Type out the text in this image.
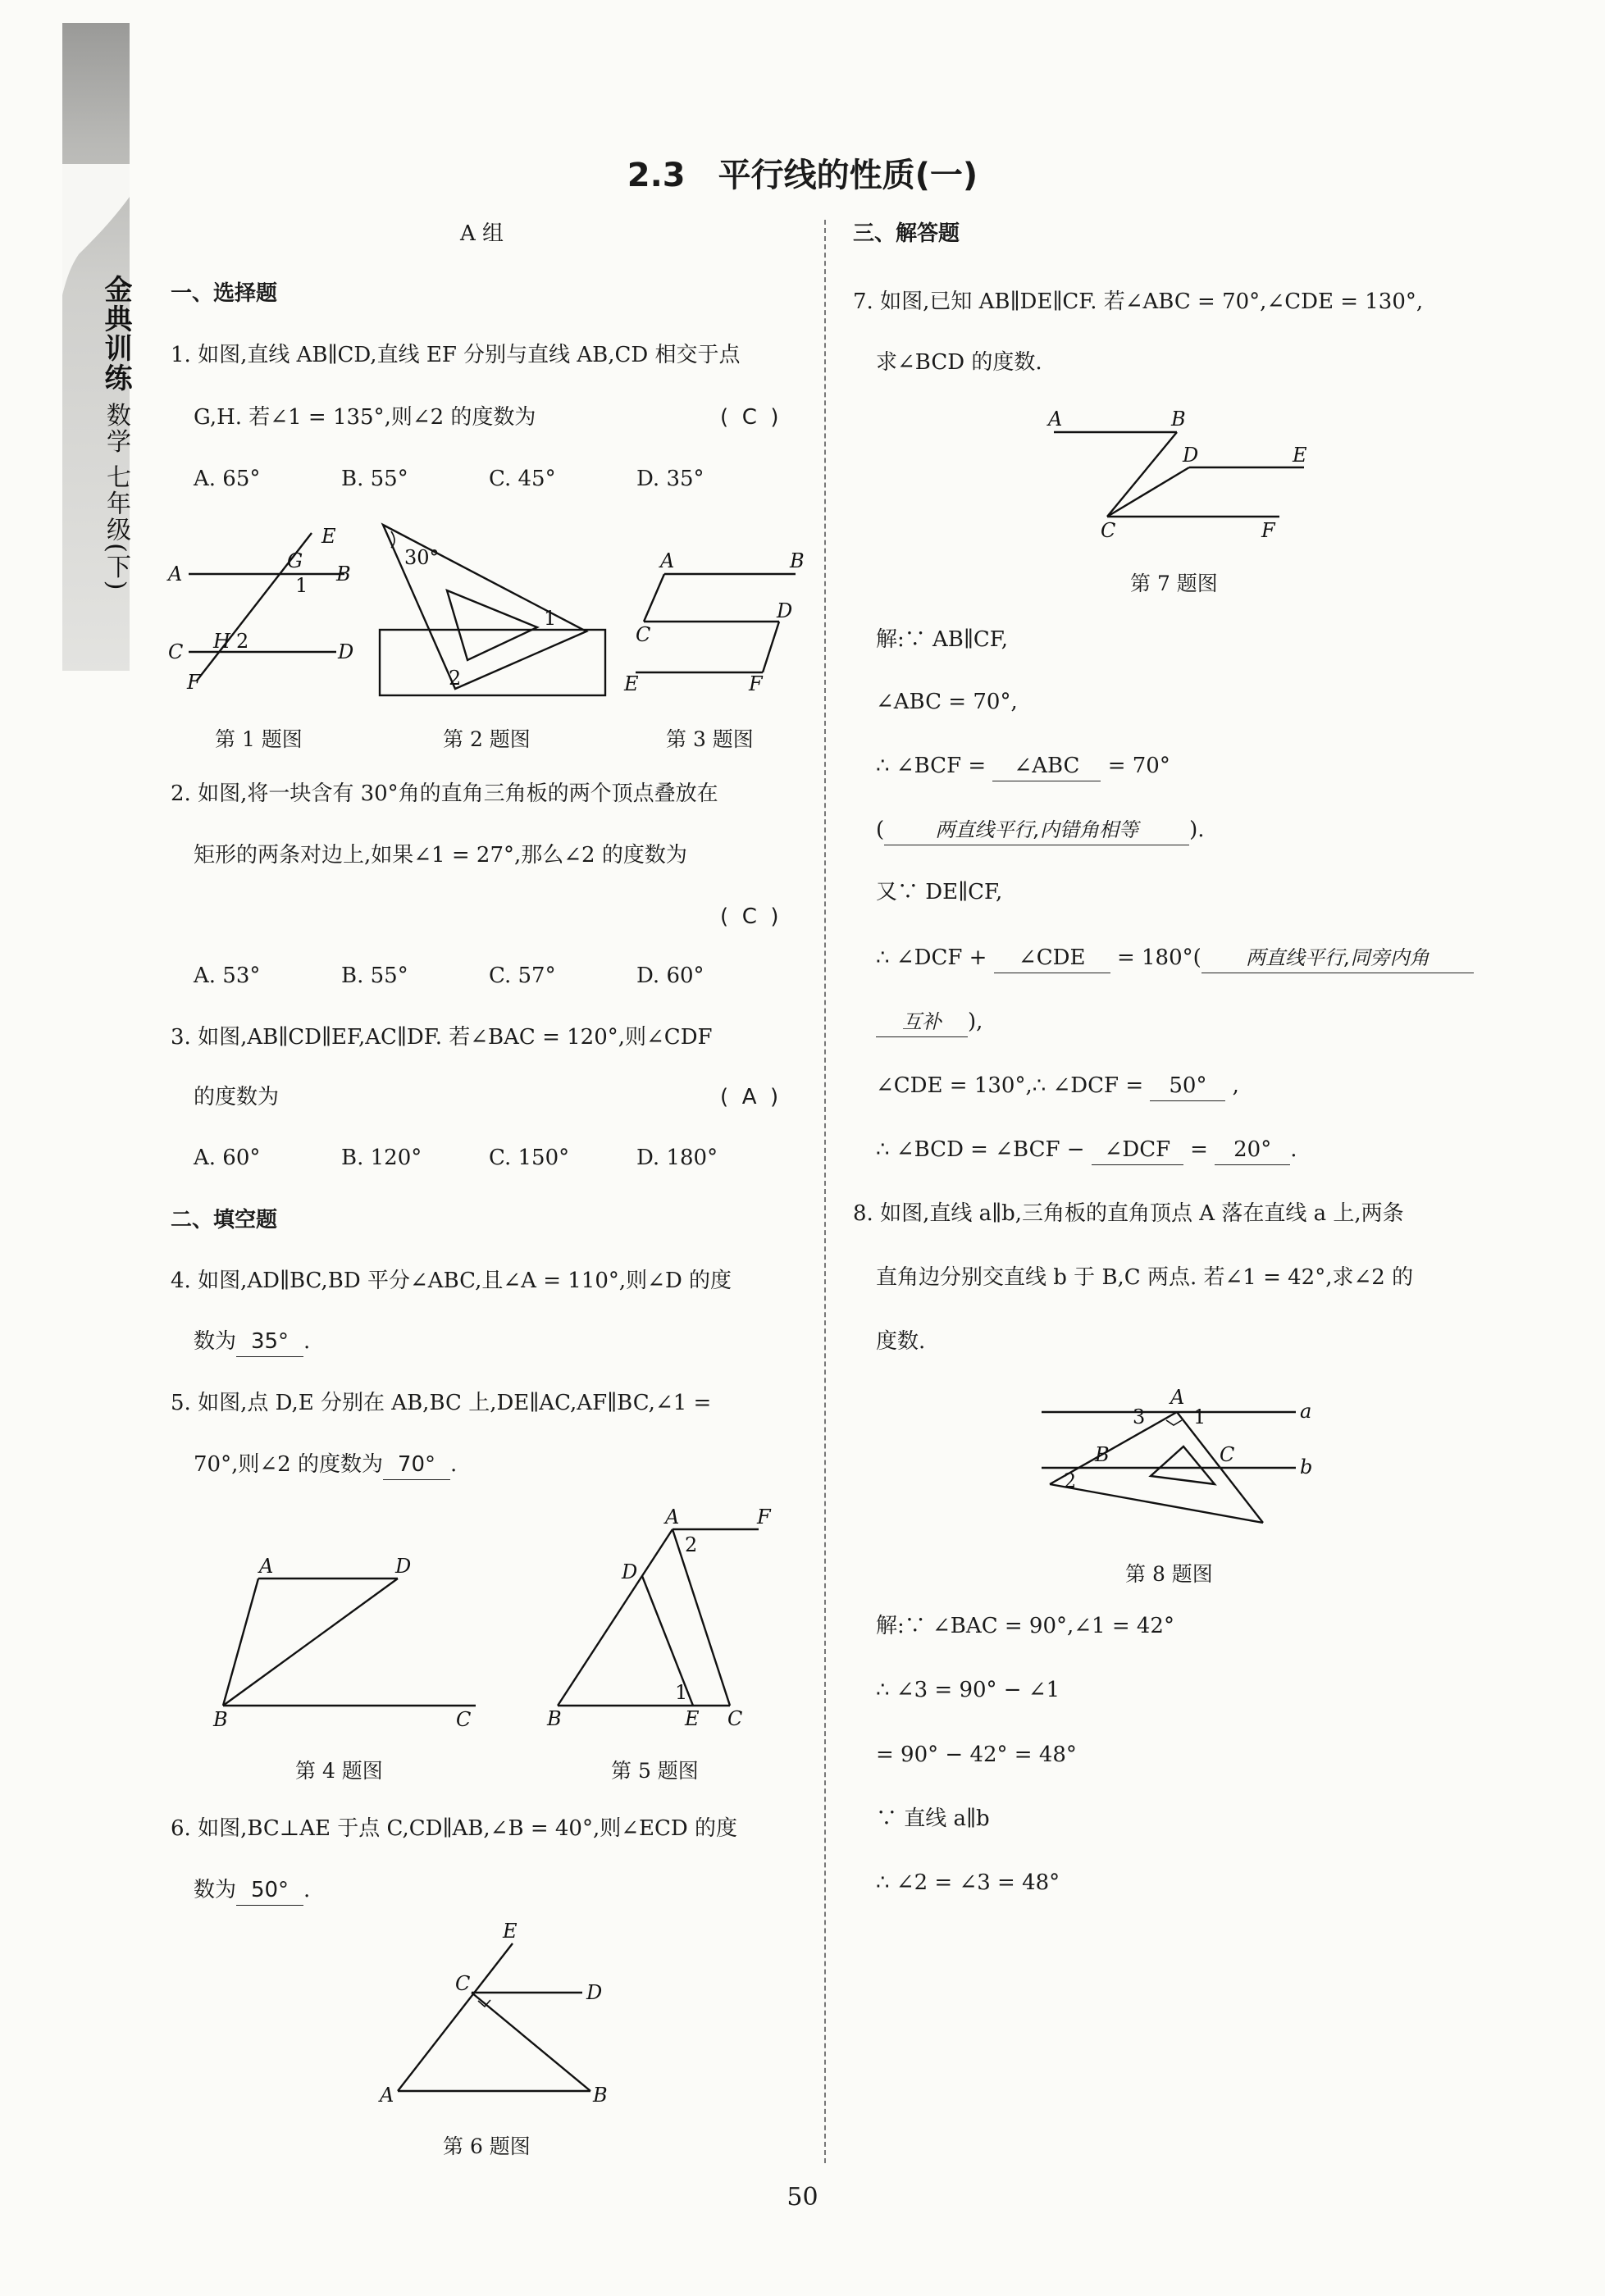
金典训练 数学 七年级(下)
2.3　平行线的性质(一)
A 组
一、选择题
1. 如图,直线 AB∥CD,直线 EF 分别与直线 AB,CD 相交于点
G,H. 若∠1 = 135°,则∠2 的度数为	(  C  )
A. 65°	B. 55°	C. 45°	D. 35°
A	B
C	D
E
F
G
H
1
2
第 1 题图
30°
1
2
第 2 题图
A	B
C
D
E	F
第 3 题图
2. 如图,将一块含有 30°角的直角三角板的两个顶点叠放在
矩形的两条对边上,如果∠1 = 27°,那么∠2 的度数为
(  C  )
A. 53°	B. 55°	C. 57°	D. 60°
3. 如图,AB∥CD∥EF,AC∥DF. 若∠BAC = 120°,则∠CDF
的度数为	(  A  )
A. 60°	B. 120°	C. 150°	D. 180°
二、填空题
4. 如图,AD∥BC,BD 平分∠ABC,且∠A = 110°,则∠D 的度
数为 35° .
5. 如图,点 D,E 分别在 AB,BC 上,DE∥AC,AF∥BC,∠1 =
70°,则∠2 的度数为 70° .
A	D
B	C
第 4 题图
A	F
2
D
1
B	E C
第 5 题图
6. 如图,BC⊥AE 于点 C,CD∥AB,∠B = 40°,则∠ECD 的度
数为 50° .
E
C	D
A	B
第 6 题图
三、解答题
7. 如图,已知 AB∥DE∥CF. 若∠ABC = 70°,∠CDE = 130°,
求∠BCD 的度数.
A	B
D	E
C	F
第 7 题图
解:∵ AB∥CF,
∠ABC = 70°,
∴ ∠BCF = ∠ABC = 70°
(	两直线平行,内错角相等 ).
又∵ DE∥CF,
∴ ∠DCF + ∠CDE = 180°( 两直线平行,同旁内角
互补 ),
∠CDE = 130°,∴ ∠DCF = 50° ,
∴ ∠BCD = ∠BCF − ∠DCF = 20° .
8. 如图,直线 a∥b,三角板的直角顶点 A 落在直线 a 上,两条
直角边分别交直线 b 于 B,C 两点. 若∠1 = 42°,求∠2 的
度数.
A
3 1	a
B	C
b
2
第 8 题图
解:∵ ∠BAC = 90°,∠1 = 42°
∴ ∠3 = 90° − ∠1
= 90° − 42° = 48°
∵ 直线 a∥b
∴ ∠2 = ∠3 = 48°
50
